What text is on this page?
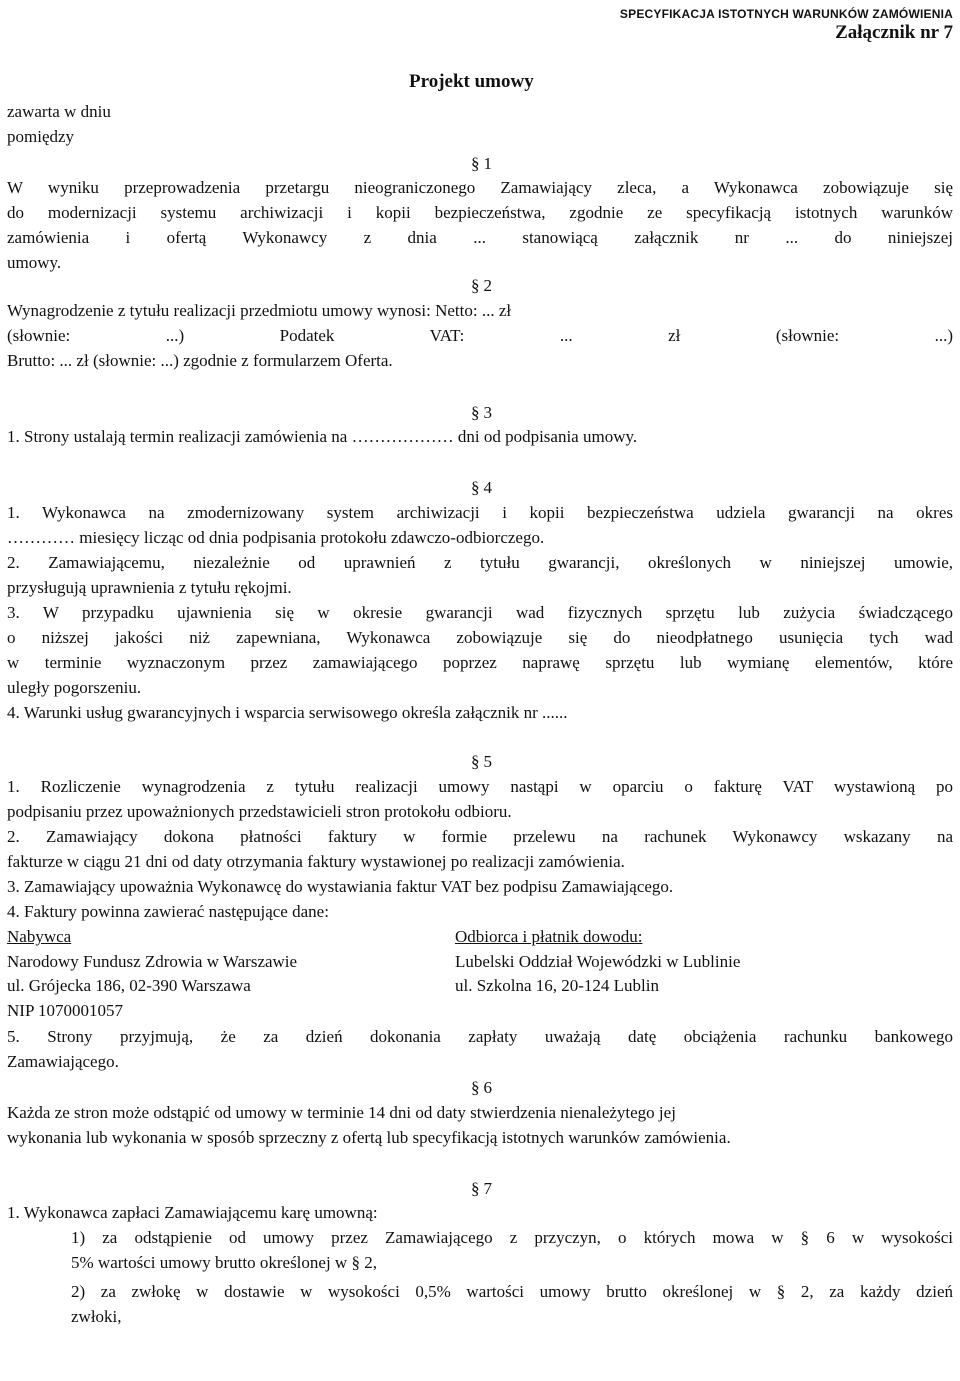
SPECYFIKACJA ISTOTNYCH WARUNKÓW ZAMÓWIENIA
Załącznik nr 7
Projekt umowy
zawarta w dniu
pomiędzy
§ 1
W wyniku przeprowadzenia przetargu nieograniczonego Zamawiający zleca, a Wykonawca zobowiązuje się
do modernizacji systemu archiwizacji i kopii bezpieczeństwa, zgodnie ze specyfikacją istotnych warunków
zamówienia i ofertą Wykonawcy z dnia ... stanowiącą załącznik nr ... do niniejszej
umowy.
§ 2
Wynagrodzenie z tytułu realizacji przedmiotu umowy wynosi: Netto: ... zł
(słownie: ...) Podatek VAT: ... zł (słownie: ...)
Brutto: ... zł (słownie: ...) zgodnie z formularzem Oferta.
§ 3
1. Strony ustalają termin realizacji zamówienia na ……………… dni od podpisania umowy.
§ 4
1. Wykonawca na zmodernizowany system archiwizacji i kopii bezpieczeństwa udziela gwarancji na okres
………… miesięcy licząc od dnia podpisania protokołu zdawczo-odbiorczego.
2. Zamawiającemu, niezależnie od uprawnień z tytułu gwarancji, określonych w niniejszej umowie,
przysługują uprawnienia z tytułu rękojmi.
3. W przypadku ujawnienia się w okresie gwarancji wad fizycznych sprzętu lub zużycia świadczącego
o niższej jakości niż zapewniana, Wykonawca zobowiązuje się do nieodpłatnego usunięcia tych wad
w terminie wyznaczonym przez zamawiającego poprzez naprawę sprzętu lub wymianę elementów, które
uległy pogorszeniu.
4. Warunki usług gwarancyjnych i wsparcia serwisowego określa załącznik nr ......
§ 5
1. Rozliczenie wynagrodzenia z tytułu realizacji umowy nastąpi w oparciu o fakturę VAT wystawioną po
podpisaniu przez upoważnionych przedstawicieli stron protokołu odbioru.
2. Zamawiający dokona płatności faktury w formie przelewu na rachunek Wykonawcy wskazany na
fakturze w ciągu 21 dni od daty otrzymania faktury wystawionej po realizacji zamówienia.
3. Zamawiający upoważnia Wykonawcę do wystawiania faktur VAT bez podpisu Zamawiającego.
4. Faktury powinna zawierać następujące dane:
Nabywca
Narodowy Fundusz Zdrowia w Warszawie
ul. Grójecka 186, 02-390 Warszawa
NIP 1070001057
Odbiorca i płatnik dowodu:
Lubelski Oddział Wojewódzki w Lublinie
ul. Szkolna 16, 20-124 Lublin
5. Strony przyjmują, że za dzień dokonania zapłaty uważają datę obciążenia rachunku bankowego
Zamawiającego.
§ 6
Każda ze stron może odstąpić od umowy w terminie 14 dni od daty stwierdzenia nienależytego jej
wykonania lub wykonania w sposób sprzeczny z ofertą lub specyfikacją istotnych warunków zamówienia.
§ 7
1. Wykonawca zapłaci Zamawiającemu karę umowną:
1) za odstąpienie od umowy przez Zamawiającego z przyczyn, o których mowa w § 6 w wysokości
5% wartości umowy brutto określonej w § 2,
2) za zwłokę w dostawie w wysokości 0,5% wartości umowy brutto określonej w § 2, za każdy dzień
zwłoki,
